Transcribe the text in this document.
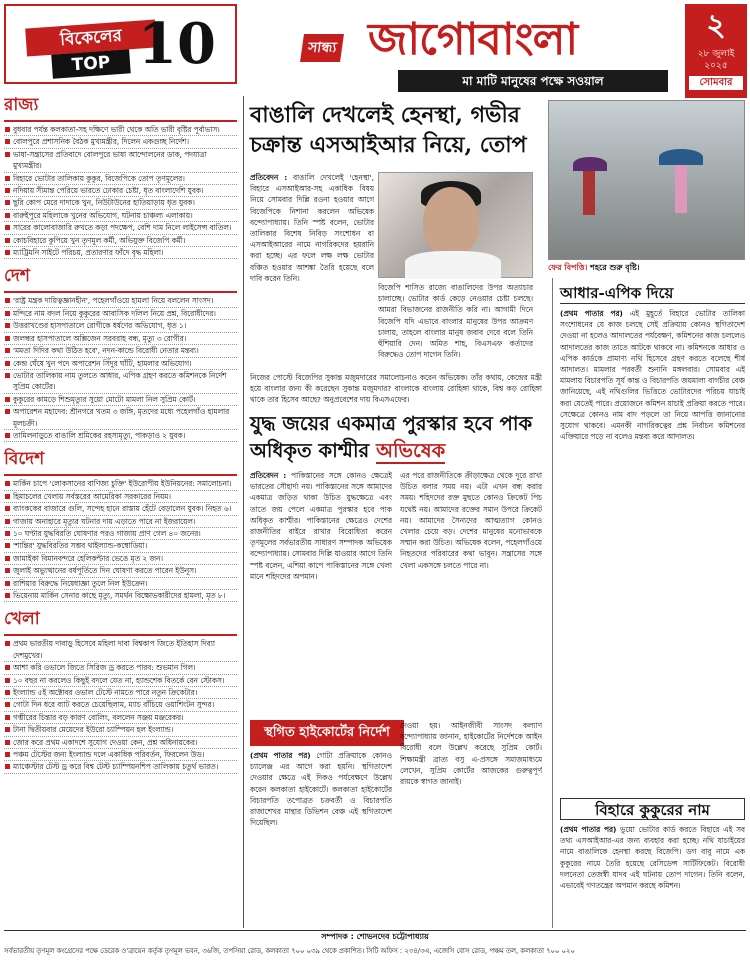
বিকেলের
TOP 10
রাজ্য
বুধবার পর্যন্ত কলকাতা-সহ দক্ষিণে ভারী থেকে অতি ভারী বৃষ্টির পূর্বাভাস।
বোলপুরে প্রশাসনিক বৈঠক মুখ্যমন্ত্রীর, দিলেন একগুচ্ছ নির্দেশ।
ভাষা-সন্ত্রাসের প্রতিবাদে বোলপুরে ভাষা আন্দোলনের ডাক, পদযাত্রা মুখ্যমন্ত্রীর।
বিহারে ভোটার তালিকায় কুকুর, বিজেপিকে তোপ তৃণমূলের।
নদিয়ায় সীমান্ত পেরিয়ে ভারতে ঢোকার চেষ্টা, ধৃত বাংলাদেশি যুবক।
ছুরি কোপ মেরে দাদাকে খুন, নিউটাউনের হাতিয়াড়ায় ধৃত যুবক।
বারুইপুরে মহিলাকে খুনের অভিযোগ, ঘটনায় চাঞ্চল্য এলাকায়।
সারের কালোবাজারি রুখতে কড়া পদক্ষেপ, বেশি দাম নিলে লাইসেন্স বাতিল।
কোচবিহারে কুপিয়ে খুন তৃণমূল কর্মী, অভিযুক্ত বিজেপি কর্মী।
ম্যাট্রিমনি সাইটে পরিচয়, প্রতারণার ফাঁদে বৃদ্ধ মহিলা।
দেশ
'রাষ্ট্র মন্ত্রক দায়িত্বজ্ঞানহীন', পহেলগাঁওয়ে হামলা নিয়ে বললেন সাংসদ।
মন্দিরে নাম বদল নিয়ে কুকুরের আবাসিক দলিল নিয়ে প্রশ্ন, বিরোধীদের।
উত্তরাখণ্ডের হাসপাতালে রোগীকে ধর্ষণের অভিযোগ, ধৃত ১।
জলন্ধর হাসপাতালে অক্সিজেন সরবরাহ বন্ধ, মৃত্যু ৩ রোগীর।
'মমতা দিদির কথা উঠিত হবে', নদন-কান্ডে বিরোধী নেতার মন্তব্য।
কেন্দ্র ঘেঁষে খুন পদে অপারেশন সিঁদুর ঘাঁটি, হামলার অভিযোগ।
ভোটার তালিকায় নাম তুলতে আধার, এপিক গ্রহণ করতে কমিশনকে নির্দেশ সুপ্রিম কোর্টের।
কুকুরের কামড়ে শিশুমৃত্যুর সুয়ো মোটো মামলা নিল সুপ্রিম কোর্ট।
অপারেশন মহাদেব: শ্রীনগরে খতম ৩ জঙ্গি, মৃতদের মধ্যে পহেলগাঁও হামলার মূলচক্রী।
তামিলনাড়ুতে বাঙালি শ্রমিকের রহস্যমৃত্যু, পাকড়াও ২ যুবক।
বিদেশ
মার্কিন চাপে 'লোকসানের বাণিজ্য চুক্তি' ইউরোপীয় ইউনিয়নের: সমালোচনা।
হিমাচলের খেলায় সর্বস্তরের আমেরিকা সরকারের নিয়ম।
ব্যাংককের বাজারে গুলি, সন্দেহ হানে রাস্তায় হেঁটে বেড়ালেন যুবক। নিহত ৬।
গাজায় অনাহারে মৃত্যুর ঘটনার দায় এড়াতে পারে না ইজরায়েল।
১০ ঘণ্টার যুদ্ধবিরতি ঘোষণার পরও গাজায় প্রাণ গেল ৪০ জনের।
'শান্তির' যুদ্ধবিরতির সম্ভব থাইল্যান্ড-কম্বোডিয়া।
জামাইকা বিমানবন্দরে হেলিকপ্টার ভেঙে মৃত ২ জন।
জুলাই অভ্যুত্থানের বর্ষপূর্তিতে দিন ঘোষণা করতে পারেন ইউনূস।
রাশিয়ার বিরুদ্ধে নিষেধাজ্ঞা তুলে নিল ইউক্রেন।
ভিয়েনায় মার্কিন সেনার কাছে মৃত্যু, সমর্থন বিক্ষোভকারীদের হামলা, মৃত ৮।
খেলা
প্রথম ভারতীয় দাবাড়ু হিসেবে মহিলা দাবা বিশ্বকাপ জিতে ইতিহাস দিব্যা দেশমুখের।
আশা করি ওভালে জিতে সিরিজ ড্র করতে পারব: শুভমান গিল।
১০ বছর না করলেও কিছুই বদলে যেত না, হ্যান্ডশেক বিতর্কে বেন স্টোকস।
ইংল্যান্ড ৫ই অক্টোবর ওভাল টেস্টে নামতে পারে নতুন ক্রিকেটার।
গোটা দিন ধরে ব্যাট করতে চেয়েছিলাম, ম্যাচ বাঁচিয়ে ওয়াশিংটন সুন্দর।
গম্ভীরের চিন্তার বড় কারণ বোলিং, বললেন সঞ্জয় মঞ্জরেকর।
টানা দ্বিতীয়বার মেয়েদের ইউরো চ্যাম্পিয়ন হল ইংল্যান্ড।
জোর করে প্রথম একাদশে সুযোগ দেওয়া কেন, প্রশ্ন অধিনায়কের।
পঞ্চম টেস্টের জন্য ইংল্যান্ড দলে একাধিক পরিবর্তন, ফিরলেন উড।
ম্যাঞ্চেস্টার টেস্ট ড্র করে বিশ্ব টেস্ট চ্যাম্পিয়নশিপ তালিকায় চতুর্থ ভারত।
সান্ধ্য জাগোবাংলা
মা মাটি মানুষের পক্ষে সওয়াল
২
২৮ জুলাই
২০২৫
সোমবার
বাঙালি দেখলেই হেনস্থা, গভীর চক্রান্ত এসআইআর নিয়ে, তোপ
প্রতিবেদন : বাঙালি দেখলেই 'হেনস্থা', বিহারে এসআইআর-সহ একাধিক বিষয় নিয়ে সোমবার দিল্লি রওনা হওয়ার আগে বিজেপিকে নিশানা করলেন অভিষেক বন্দ্যোপাধ্যায়। তিনি স্পষ্ট বলেন, ভোটার তালিকার বিশেষ নিবিড় সংশোধন বা এসআইআরের নামে নাগরিকদের হয়রানি করা হচ্ছে। এর ফলে লক্ষ লক্ষ ভোটার বঞ্চিত হওয়ার আশঙ্কা তৈরি হয়েছে বলে দাবি করেন তিনি।
বিজেপি শাসিত রাজ্যে বাঙালিদের উপর অত্যাচার চালাচ্ছে। ভোটার কার্ড কেড়ে নেওয়ার চেষ্টা চলছে। আমরা বিভাজনের রাজনীতি করি না। আগামী দিনে বিজেপি যদি এভাবে বাংলার মানুষের উপর আক্রমণ চালায়, তাহলে বাংলার মানুষ জবাব দেবে বলে তিনি হুঁশিয়ারি দেন। অমিত শাহ, বিএসএফ কর্তাদের বিরুদ্ধেও তোপ দাগেন তিনি।
ফের বিপত্তি। শহরে শুরু বৃষ্টি।
আধার-এপিক দিয়ে
(প্রথম পাতার পর) এই মুহূর্তে বিহারে ভোটার তালিকা সংশোধনের যে কাজ চলছে সেই প্রক্রিয়ায় কোনও স্থগিতাদেশ দেওয়া না হলেও আদালতের পর্যবেক্ষণ, কমিশনের কাজ চললেও আদালতের কাজ তাতে আটকে থাকবে না। কমিশনকে আধার ও এপিক কার্ডকে প্রামাণ্য নথি হিসেবে গ্রহণ করতে বলেছে শীর্ষ আদালত। মামলার পরবর্তী শুনানি মঙ্গলবার। সোমবার এই মামলায় বিচারপতি সূর্য কান্ত ও বিচারপতি জয়মাল্য বাগচীর বেঞ্চ জানিয়েছে, এই নথিগুলির ভিত্তিতে ভোটারদের পরিচয় যাচাই করা যেতেই পারে। প্রয়োজনে কমিশন যাচাই প্রক্রিয়া করতে পারে। সেক্ষেত্রে কোনও নাম বাদ পড়লে তা নিয়ে আপত্তি জানানোর সুযোগ থাকবে। এমনকী নাগরিকত্বের প্রশ্ন নির্বাচন কমিশনের এক্তিয়ারে পড়ে না বলেও মন্তব্য করে আদালত।
নিজের পোস্টে বিজেপির সুকান্ত মজুমদারের সমালোচনাও করেন অভিষেক। তাঁর কথায়, কেন্দ্রের মন্ত্রী হয়ে বাংলার জন্য কী করেছেন সুকান্ত মজুমদার? বাংলাকে বাংলায় রোহিঙ্গা থাকে, বিশ্ব কড় রোহিঙ্গা থাকে তার হিসেব আছে? অনুপ্রবেশের দায় বিএসএফের।
যুদ্ধ জয়ের একমাত্র পুরস্কার হবে পাক অধিকৃত কাশ্মীর অভিষেক
প্রতিবেদন : পাকিস্তানের সঙ্গে কোনও ক্ষেত্রেই ভারতের সৌহার্দ্য নয়। পাকিস্তানের সঙ্গে আমাদের একমাত্র জড়িত থাকা উচিত যুদ্ধক্ষেত্রে এবং তাতে জয় পেলে একমাত্র পুরস্কার হবে পাক অধিকৃত কাশ্মীর। পাকিস্তানের ক্ষেত্রেও দেশের রাজনীতির বাইরে রাখার বিরোধিতা করেন তৃণমূলের সর্বভারতীয় সাধারণ সম্পাদক অভিষেক বন্দ্যোপাধ্যায়। সোমবার দিল্লি যাওয়ার আগে তিনি স্পষ্ট বলেন, এশিয়া কাপে পাকিস্তানের সঙ্গে খেলা মানে শহিদদের অপমান।
এর পরে রাজনীতিকে ক্রীড়াক্ষেত্র থেকে দূরে রাখা উচিত বলার সময় নয়। এটা এখন বন্ধ করার সময়। শহিদদের রক্ত মুছতে কোনও ক্রিকেট পিচ যথেষ্ট নয়। আমাদের রক্তের সমান উপরে ক্রিকেট নয়। আমাদের সৈন্যদের আত্মত্যাগ কোনও খেলার চেয়ে বড়। দেশের মানুষের মনোভাবকে সম্মান করা উচিত। অভিষেক বলেন, পহেলগাঁওয়ে নিহতদের পরিবারের কথা ভাবুন। সন্ত্রাসের সঙ্গে খেলা একসঙ্গে চলতে পারে না।
স্থগিত হাইকোর্টের নির্দেশ
(প্রথম পাতার পর) গোটা প্রক্রিয়াকে কোনও চ্যালেঞ্জ এর আগে করা হয়নি। স্থগিতাদেশ দেওয়ার ক্ষেত্রে এই দিকও পর্যবেক্ষণে উল্লেখ করেন কলকাতা হাইকোর্টে। কলকাতা হাইকোর্টের বিচারপতি তপোব্রত চক্রবর্তী ও বিচারপতি রাজাশেখর মান্থার ডিভিশন বেঞ্চ এই স্থগিতাদেশ দিয়েছিল।
দেওয়া হয়। আইনজীবী সাংসদ কল্যাণ বন্দ্যোপাধ্যায় জানান, হাইকোর্টের নির্দেশকে আইন বিরোধী বলে উল্লেখ করেছে সুপ্রিম কোর্ট। শিক্ষামন্ত্রী ব্রাত্য বসু এ-প্রসঙ্গে সমাজমাধ্যমে লেখেন, সুপ্রিম কোর্টের আজকের গুরুত্বপূর্ণ রায়কে স্বাগত জানাই।
বিহারে কুকুরের নাম
(প্রথম পাতার পর) ভুয়ো ভোটার কার্ড করতে বিহারে এই সব তথ্য এসআইআর-এর জন্য ব্যবহার করা হচ্ছে। নথি যাচাইয়ের নামে বাঙালিকে হেনস্থা করছে বিজেপি। ডগ বাবু নামে এক কুকুরের নামে তৈরি হয়েছে রেসিডেন্স সার্টিফিকেট। বিরোধী দলনেতা তেজস্বী যাদব এই ঘটনায় তোপ দাগেন। তিনি বলেন, এভাবেই গণতন্ত্রের অপমান করছে কমিশন।
সম্পাদক : শোভনদেব চট্টোপাধ্যায়
সর্বভারতীয় তৃণমূল কংগ্রেসের পক্ষে ডেরেক ও'ব্রায়েন কর্তৃক তৃণমূল ভবন, ৩৬জি, তপসিয়া রোড, কলকাতা ৭০০ ০৩৯ থেকে প্রকাশিত। সিটি অফিস : ২৩৪/৩এ, এজেসি বোস রোড, পঞ্চম তল, কলকাতা ৭০০ ০২০
